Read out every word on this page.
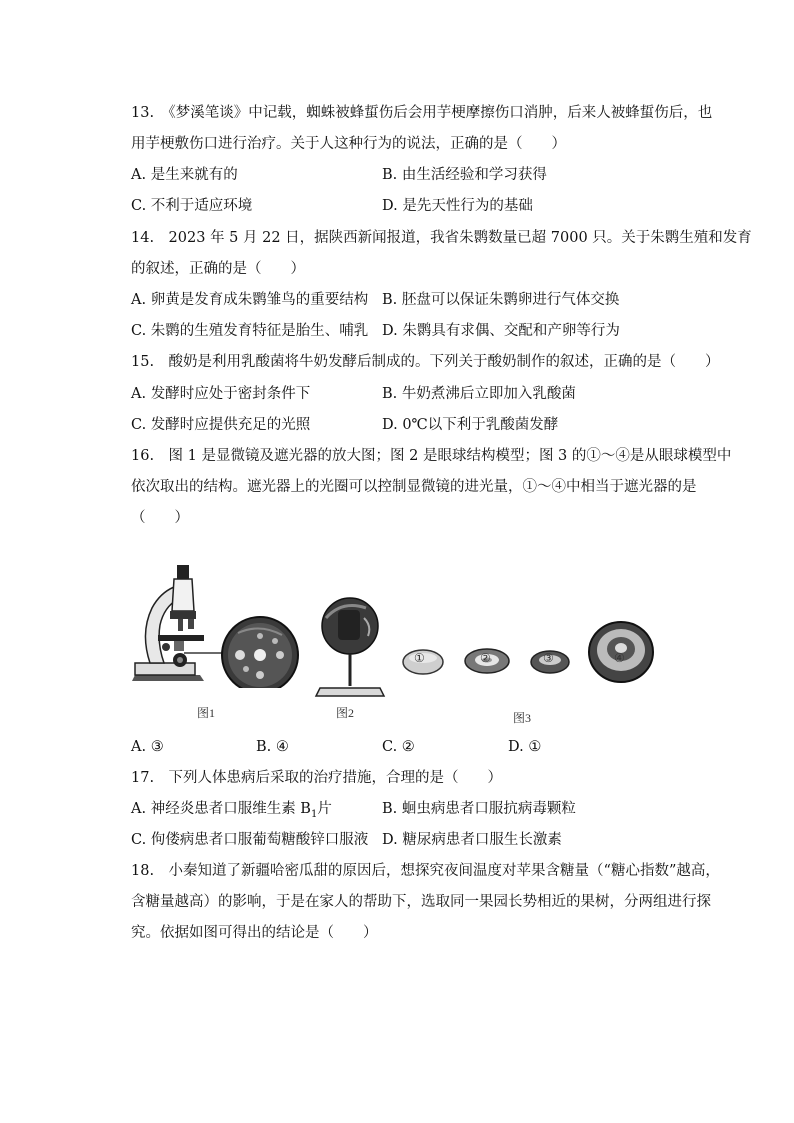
13.　《梦溪笔谈》中记载，蜘蛛被蜂蜇伤后会用芋梗摩擦伤口消肿，后来人被蜂蜇伤后，也
用芋梗敷伤口进行治疗。关于人这种行为的说法，正确的是（　　）
A. 是生来就有的	B. 由生活经验和学习获得
C. 不利于适应环境	D. 是先天性行为的基础
14.　2023 年 5 月 22 日，据陕西新闻报道，我省朱鹮数量已超 7000 只。关于朱鹮生殖和发育
的叙述，正确的是（　　）
A. 卵黄是发育成朱鹮雏鸟的重要结构 B. 胚盘可以保证朱鹮卵进行气体交换
C. 朱鹮的生殖发育特征是胎生、哺乳 D. 朱鹮具有求偶、交配和产卵等行为
15.　酸奶是利用乳酸菌将牛奶发酵后制成的。下列关于酸奶制作的叙述，正确的是（　　）
A. 发酵时应处于密封条件下	B. 牛奶煮沸后立即加入乳酸菌
C. 发酵时应提供充足的光照	D. 0℃以下利于乳酸菌发酵
16.　图 1 是显微镜及遮光器的放大图；图 2 是眼球结构模型；图 3 的①～④是从眼球模型中
依次取出的结构。遮光器上的光圈可以控制显微镜的进光量，①～④中相当于遮光器的是
（　　）
①	②	③	④
图1	图2	图3
A. ③	B. ④	C. ②	D. ①
17.　下列人体患病后采取的治疗措施，合理的是（　　）
A. 神经炎患者口服维生素 $B_1$片	B. 蛔虫病患者口服抗病毒颗粒
C. 佝偻病患者口服葡萄糖酸锌口服液 D. 糖尿病患者口服生长激素
18.　小秦知道了新疆哈密瓜甜的原因后，想探究夜间温度对苹果含糖量（“糖心指数”越高，
含糖量越高）的影响，于是在家人的帮助下，选取同一果园长势相近的果树，分两组进行探
究。依据如图可得出的结论是（　　）
